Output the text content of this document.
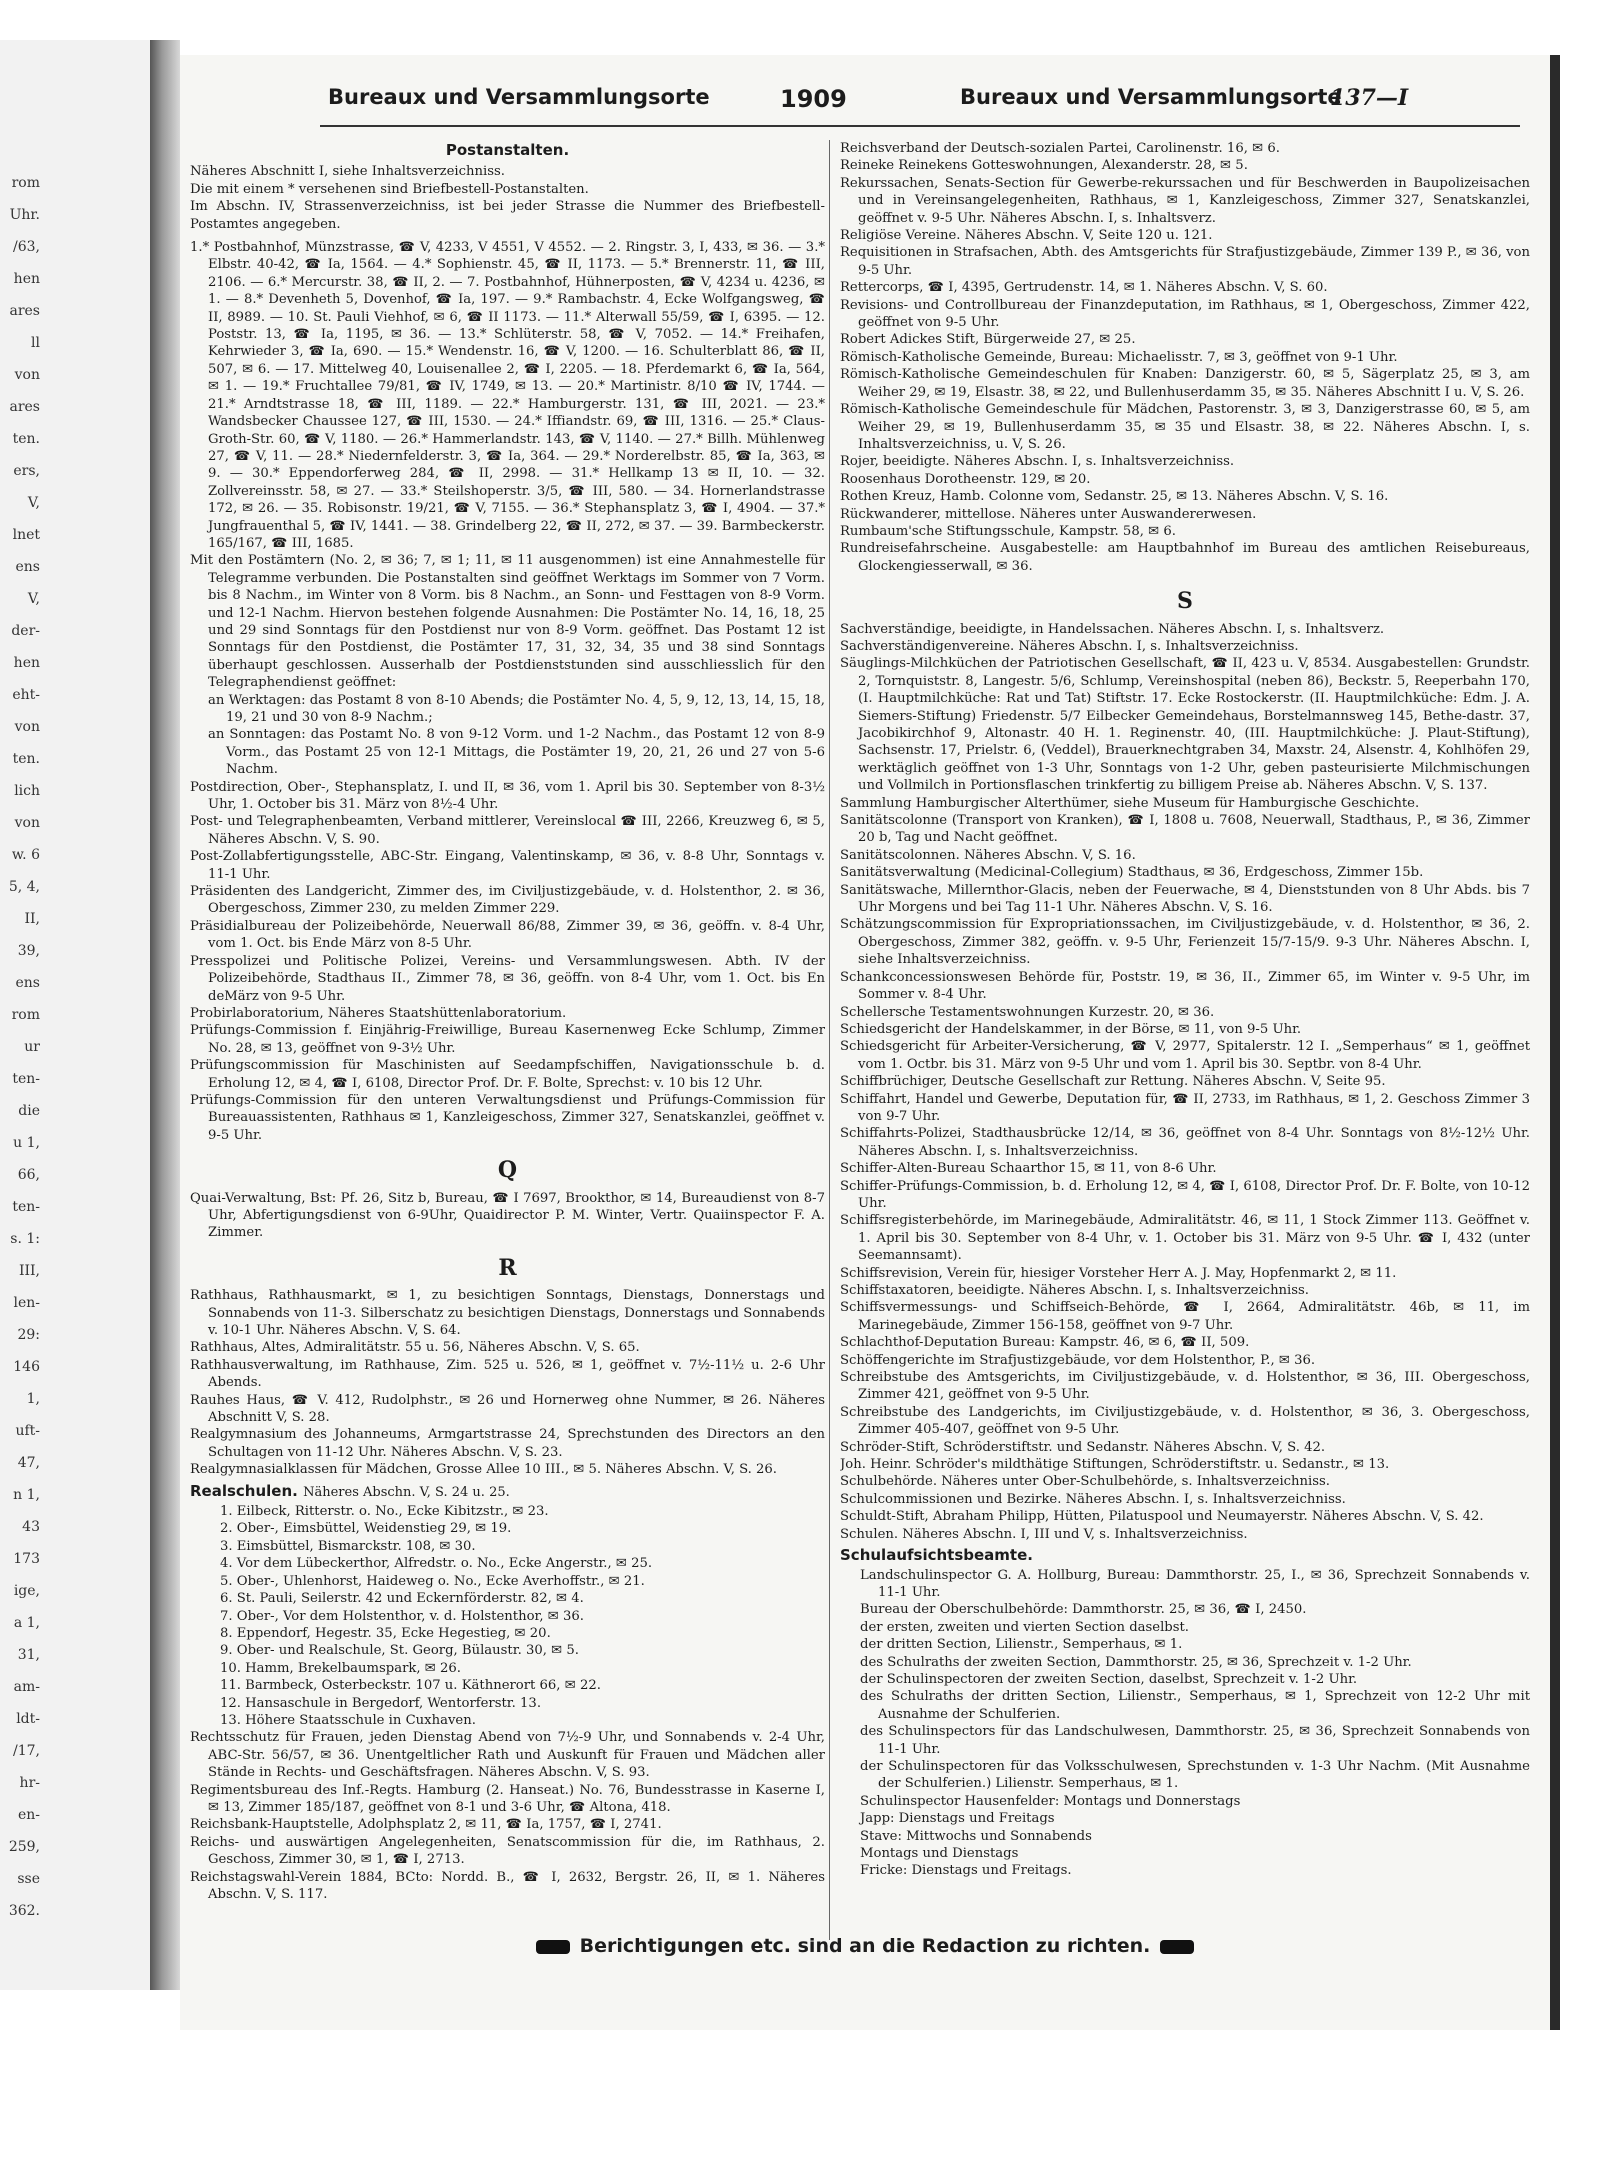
rom
Uhr.
/63,
hen
ares
ll
von
ares
ten.
ers,
V,
lnet
ens
V,
der-
hen
eht-
von
ten.
lich
von
w. 6
5, 4,
II,
39,
ens
rom
ur
ten-
die
u 1,
66,
ten-
s. 1:
III,
len-
29:
146
1,
uft-
47,
n 1,
43
173
ige,
a 1,
31,
am-
ldt-
/17,
hr-
en-
259,
sse
362.
Bureaux und Versammlungsorte	1909	Bureaux und Versammlungsorte
137—I
Postanstalten.

Näheres Abschnitt I, siehe Inhaltsverzeichniss.

Die mit einem * versehenen sind Briefbestell-Postanstalten.

Im Abschn. IV, Strassenverzeichniss, ist bei jeder Strasse die Nummer des Briefbestell-Postamtes angegeben.

1.* Postbahnhof, Münzstrasse, ☎ V, 4233, V 4551, V 4552. — 2. Ringstr. 3, I, 433, ✉ 36. — 3.* Elbstr. 40-42, ☎ Ia, 1564. — 4.* Sophienstr. 45, ☎ II, 1173. — 5.* Brennerstr. 11, ☎ III, 2106. — 6.* Mercurstr. 38, ☎ II, 2. — 7. Postbahnhof, Hühnerposten, ☎ V, 4234 u. 4236, ✉ 1. — 8.* Devenheth 5, Dovenhof, ☎ Ia, 197. — 9.* Rambachstr. 4, Ecke Wolfgangsweg, ☎ II, 8989. — 10. St. Pauli Viehhof, ✉ 6, ☎ II 1173. — 11.* Alterwall 55/59, ☎ I, 6395. — 12. Poststr. 13, ☎ Ia, 1195, ✉ 36. — 13.* Schlüterstr. 58, ☎ V, 7052. — 14.* Freihafen, Kehrwieder 3, ☎ Ia, 690. — 15.* Wendenstr. 16, ☎ V, 1200. — 16. Schulterblatt 86, ☎ II, 507, ✉ 6. — 17. Mittelweg 40, Louisenallee 2, ☎ I, 2205. — 18. Pferdemarkt 6, ☎ Ia, 564, ✉ 1. — 19.* Fruchtallee 79/81, ☎ IV, 1749, ✉ 13. — 20.* Martinistr. 8/10 ☎ IV, 1744. — 21.* Arndtstrasse 18, ☎ III, 1189. — 22.* Hamburgerstr. 131, ☎ III, 2021. — 23.* Wandsbecker Chaussee 127, ☎ III, 1530. — 24.* Iffiandstr. 69, ☎ III, 1316. — 25.* Claus-Groth-Str. 60, ☎ V, 1180. — 26.* Hammerlandstr. 143, ☎ V, 1140. — 27.* Billh. Mühlenweg 27, ☎ V, 11. — 28.* Niedernfelderstr. 3, ☎ Ia, 364. — 29.* Norderelbstr. 85, ☎ Ia, 363, ✉ 9. — 30.* Eppendorferweg 284, ☎ II, 2998. — 31.* Hellkamp 13 ✉ II, 10. — 32. Zollvereinsstr. 58, ✉ 27. — 33.* Steilshoperstr. 3/5, ☎ III, 580. — 34. Hornerlandstrasse 172, ✉ 26. — 35. Robisonstr. 19/21, ☎ V, 7155. — 36.* Stephansplatz 3, ☎ I, 4904. — 37.* Jungfrauenthal 5, ☎ IV, 1441. — 38. Grindelberg 22, ☎ II, 272, ✉ 37. — 39. Barmbeckerstr. 165/167, ☎ III, 1685.

Mit den Postämtern (No. 2, ✉ 36; 7, ✉ 1; 11, ✉ 11 ausgenommen) ist eine Annahmestelle für Telegramme verbunden. Die Postanstalten sind geöffnet Werktags im Sommer von 7 Vorm. bis 8 Nachm., im Winter von 8 Vorm. bis 8 Nachm., an Sonn- und Festtagen von 8-9 Vorm. und 12-1 Nachm. Hiervon bestehen folgende Ausnahmen: Die Postämter No. 14, 16, 18, 25 und 29 sind Sonntags für den Postdienst nur von 8-9 Vorm. geöffnet. Das Postamt 12 ist Sonntags für den Postdienst, die Postämter 17, 31, 32, 34, 35 und 38 sind Sonntags überhaupt geschlossen. Ausserhalb der Postdienststunden sind ausschliesslich für den Telegraphendienst geöffnet:

an Werktagen: das Postamt 8 von 8-10 Abends; die Postämter No. 4, 5, 9, 12, 13, 14, 15, 18, 19, 21 und 30 von 8-9 Nachm.;

an Sonntagen: das Postamt No. 8 von 9-12 Vorm. und 1-2 Nachm., das Postamt 12 von 8-9 Vorm., das Postamt 25 von 12-1 Mittags, die Postämter 19, 20, 21, 26 und 27 von 5-6 Nachm.

Postdirection, Ober-, Stephansplatz, I. und II, ✉ 36, vom 1. April bis 30. September von 8-3½ Uhr, 1. October bis 31. März von 8½-4 Uhr.

Post- und Telegraphenbeamten, Verband mittlerer, Vereinslocal ☎ III, 2266, Kreuzweg 6, ✉ 5, Näheres Abschn. V, S. 90.

Post-Zollabfertigungsstelle, ABC-Str. Eingang, Valentinskamp, ✉ 36, v. 8-8 Uhr, Sonntags v. 11-1 Uhr.

Präsidenten des Landgericht, Zimmer des, im Civiljustizgebäude, v. d. Holstenthor, 2. ✉ 36, Obergeschoss, Zimmer 230, zu melden Zimmer 229.

Präsidialbureau der Polizeibehörde, Neuerwall 86/88, Zimmer 39, ✉ 36, geöffn. v. 8-4 Uhr, vom 1. Oct. bis Ende März von 8-5 Uhr.

Presspolizei und Politische Polizei, Vereins- und Versammlungswesen. Abth. IV der Polizeibehörde, Stadthaus II., Zimmer 78, ✉ 36, geöffn. von 8-4 Uhr, vom 1. Oct. bis En deMärz von 9-5 Uhr.

Probirlaboratorium, Näheres Staatshüttenlaboratorium.

Prüfungs-Commission f. Einjährig-Freiwillige, Bureau Kasernenweg Ecke Schlump, Zimmer No. 28, ✉ 13, geöffnet von 9-3½ Uhr.

Prüfungscommission für Maschinisten auf Seedampfschiffen, Navigationsschule b. d. Erholung 12, ✉ 4, ☎ I, 6108, Director Prof. Dr. F. Bolte, Sprechst: v. 10 bis 12 Uhr.

Prüfungs-Commission für den unteren Verwaltungsdienst und Prüfungs-Commission für Bureauassistenten, Rathhaus ✉ 1, Kanzleigeschoss, Zimmer 327, Senatskanzlei, geöffnet v. 9-5 Uhr.

Q

Quai-Verwaltung, Bst: Pf. 26, Sitz b, Bureau, ☎ I 7697, Brookthor, ✉ 14, Bureaudienst von 8-7 Uhr, Abfertigungsdienst von 6-9Uhr, Quaidirector P. M. Winter, Vertr. Quaiinspector F. A. Zimmer.

R

Rathhaus, Rathhausmarkt, ✉ 1, zu besichtigen Sonntags, Dienstags, Donnerstags und Sonnabends von 11-3. Silberschatz zu besichtigen Dienstags, Donnerstags und Sonnabends v. 10-1 Uhr. Näheres Abschn. V, S. 64.

Rathhaus, Altes, Admiralitätstr. 55 u. 56, Näheres Abschn. V, S. 65.

Rathhausverwaltung, im Rathhause, Zim. 525 u. 526, ✉ 1, geöffnet v. 7½-11½ u. 2-6 Uhr Abends.

Rauhes Haus, ☎ V. 412, Rudolphstr., ✉ 26 und Hornerweg ohne Nummer, ✉ 26. Näheres Abschnitt V, S. 28.

Realgymnasium des Johanneums, Armgartstrasse 24, Sprechstunden des Directors an den Schultagen von 11-12 Uhr. Näheres Abschn. V, S. 23.

Realgymnasialklassen für Mädchen, Grosse Allee 10 III., ✉ 5. Näheres Abschn. V, S. 26.

Realschulen. Näheres Abschn. V, S. 24 u. 25.
1. Eilbeck, Ritterstr. o. No., Ecke Kibitzstr., ✉ 23.
2. Ober-, Eimsbüttel, Weidenstieg 29, ✉ 19.
3. Eimsbüttel, Bismarckstr. 108, ✉ 30.
4. Vor dem Lübeckerthor, Alfredstr. o. No., Ecke Angerstr., ✉ 25.
5. Ober-, Uhlenhorst, Haideweg o. No., Ecke Averhoffstr., ✉ 21.
6. St. Pauli, Seilerstr. 42 und Eckernförderstr. 82, ✉ 4.
7. Ober-, Vor dem Holstenthor, v. d. Holstenthor, ✉ 36.
8. Eppendorf, Hegestr. 35, Ecke Hegestieg, ✉ 20.
9. Ober- und Realschule, St. Georg, Bülaustr. 30, ✉ 5.
10. Hamm, Brekelbaumspark, ✉ 26.
11. Barmbeck, Osterbeckstr. 107 u. Käthnerort 66, ✉ 22.
12. Hansaschule in Bergedorf, Wentorferstr. 13.
13. Höhere Staatsschule in Cuxhaven.

Rechtsschutz für Frauen, jeden Dienstag Abend von 7½-9 Uhr, und Sonnabends v. 2-4 Uhr, ABC-Str. 56/57, ✉ 36. Unentgeltlicher Rath und Auskunft für Frauen und Mädchen aller Stände in Rechts- und Geschäftsfragen. Näheres Abschn. V, S. 93.

Regimentsbureau des Inf.-Regts. Hamburg (2. Hanseat.) No. 76, Bundesstrasse in Kaserne I, ✉ 13, Zimmer 185/187, geöffnet von 8-1 und 3-6 Uhr, ☎ Altona, 418.

Reichsbank-Hauptstelle, Adolphsplatz 2, ✉ 11, ☎ Ia, 1757, ☎ I, 2741.

Reichs- und auswärtigen Angelegenheiten, Senatscommission für die, im Rathhaus, 2. Geschoss, Zimmer 30, ✉ 1, ☎ I, 2713.

Reichstagswahl-Verein 1884, BCto: Nordd. B., ☎ I, 2632, Bergstr. 26, II, ✉ 1. Näheres Abschn. V, S. 117.

Reichsverband der Deutsch-sozialen Partei, Carolinenstr. 16, ✉ 6.

Reineke Reinekens Gotteswohnungen, Alexanderstr. 28, ✉ 5.

Rekurssachen, Senats-Section für Gewerbe-rekurssachen und für Beschwerden in Baupolizeisachen und in Vereinsangelegenheiten, Rathhaus, ✉ 1, Kanzleigeschoss, Zimmer 327, Senatskanzlei, geöffnet v. 9-5 Uhr. Näheres Abschn. I, s. Inhaltsverz.

Religiöse Vereine. Näheres Abschn. V, Seite 120 u. 121.

Requisitionen in Strafsachen, Abth. des Amtsgerichts für Strafjustizgebäude, Zimmer 139 P., ✉ 36, von 9-5 Uhr.

Rettercorps, ☎ I, 4395, Gertrudenstr. 14, ✉ 1. Näheres Abschn. V, S. 60.

Revisions- und Controllbureau der Finanzdeputation, im Rathhaus, ✉ 1, Obergeschoss, Zimmer 422, geöffnet von 9-5 Uhr.

Robert Adickes Stift, Bürgerweide 27, ✉ 25.

Römisch-Katholische Gemeinde, Bureau: Michaelisstr. 7, ✉ 3, geöffnet von 9-1 Uhr.

Römisch-Katholische Gemeindeschulen für Knaben: Danzigerstr. 60, ✉ 5, Sägerplatz 25, ✉ 3, am Weiher 29, ✉ 19, Elsastr. 38, ✉ 22, und Bullenhuserdamm 35, ✉ 35. Näheres Abschnitt I u. V, S. 26.

Römisch-Katholische Gemeindeschule für Mädchen, Pastorenstr. 3, ✉ 3, Danzigerstrasse 60, ✉ 5, am Weiher 29, ✉ 19, Bullenhuserdamm 35, ✉ 35 und Elsastr. 38, ✉ 22. Näheres Abschn. I, s. Inhaltsverzeichniss, u. V, S. 26.

Rojer, beeidigte. Näheres Abschn. I, s. Inhaltsverzeichniss.

Roosenhaus Dorotheenstr. 129, ✉ 20.

Rothen Kreuz, Hamb. Colonne vom, Sedanstr. 25, ✉ 13. Näheres Abschn. V, S. 16.

Rückwanderer, mittellose. Näheres unter Auswandererwesen.

Rumbaum'sche Stiftungsschule, Kampstr. 58, ✉ 6.

Rundreisefahrscheine. Ausgabestelle: am Hauptbahnhof im Bureau des amtlichen Reisebureaus, Glockengiesserwall, ✉ 36.

S

Sachverständige, beeidigte, in Handelssachen. Näheres Abschn. I, s. Inhaltsverz.

Sachverständigenvereine. Näheres Abschn. I, s. Inhaltsverzeichniss.

Säuglings-Milchküchen der Patriotischen Gesellschaft, ☎ II, 423 u. V, 8534. Ausgabestellen: Grundstr. 2, Tornquiststr. 8, Langestr. 5/6, Schlump, Vereinshospital (neben 86), Beckstr. 5, Reeperbahn 170, (I. Hauptmilchküche: Rat und Tat) Stiftstr. 17. Ecke Rostockerstr. (II. Hauptmilchküche: Edm. J. A. Siemers-Stiftung) Friedenstr. 5/7 Eilbecker Gemeindehaus, Borstelmannsweg 145, Bethe-dastr. 37, Jacobikirchhof 9, Altonastr. 40 H. 1. Reginenstr. 40, (III. Hauptmilchküche: J. Plaut-Stiftung), Sachsenstr. 17, Prielstr. 6, (Veddel), Brauerknechtgraben 34, Maxstr. 24, Alsenstr. 4, Kohlhöfen 29, werktäglich geöffnet von 1-3 Uhr, Sonntags von 1-2 Uhr, geben pasteurisierte Milchmischungen und Vollmilch in Portionsflaschen trinkfertig zu billigem Preise ab. Näheres Abschn. V, S. 137.

Sammlung Hamburgischer Alterthümer, siehe Museum für Hamburgische Geschichte.

Sanitätscolonne (Transport von Kranken), ☎ I, 1808 u. 7608, Neuerwall, Stadthaus, P., ✉ 36, Zimmer 20 b, Tag und Nacht geöffnet.

Sanitätscolonnen. Näheres Abschn. V, S. 16.

Sanitätsverwaltung (Medicinal-Collegium) Stadthaus, ✉ 36, Erdgeschoss, Zimmer 15b.

Sanitätswache, Millernthor-Glacis, neben der Feuerwache, ✉ 4, Dienststunden von 8 Uhr Abds. bis 7 Uhr Morgens und bei Tag 11-1 Uhr. Näheres Abschn. V, S. 16.

Schätzungscommission für Expropriationssachen, im Civiljustizgebäude, v. d. Holstenthor, ✉ 36, 2. Obergeschoss, Zimmer 382, geöffn. v. 9-5 Uhr, Ferienzeit 15/7-15/9. 9-3 Uhr. Näheres Abschn. I, siehe Inhaltsverzeichniss.

Schankconcessionswesen Behörde für, Poststr. 19, ✉ 36, II., Zimmer 65, im Winter v. 9-5 Uhr, im Sommer v. 8-4 Uhr.

Schellersche Testamentswohnungen Kurzestr. 20, ✉ 36.

Schiedsgericht der Handelskammer, in der Börse, ✉ 11, von 9-5 Uhr.

Schiedsgericht für Arbeiter-Versicherung, ☎ V, 2977, Spitalerstr. 12 I. „Semperhaus“ ✉ 1, geöffnet vom 1. Octbr. bis 31. März von 9-5 Uhr und vom 1. April bis 30. Septbr. von 8-4 Uhr.

Schiffbrüchiger, Deutsche Gesellschaft zur Rettung. Näheres Abschn. V, Seite 95.

Schiffahrt, Handel und Gewerbe, Deputation für, ☎ II, 2733, im Rathhaus, ✉ 1, 2. Geschoss Zimmer 3 von 9-7 Uhr.

Schiffahrts-Polizei, Stadthausbrücke 12/14, ✉ 36, geöffnet von 8-4 Uhr. Sonntags von 8½-12½ Uhr. Näheres Abschn. I, s. Inhaltsverzeichniss.

Schiffer-Alten-Bureau Schaarthor 15, ✉ 11, von 8-6 Uhr.

Schiffer-Prüfungs-Commission, b. d. Erholung 12, ✉ 4, ☎ I, 6108, Director Prof. Dr. F. Bolte, von 10-12 Uhr.

Schiffsregisterbehörde, im Marinegebäude, Admiralitätstr. 46, ✉ 11, 1 Stock Zimmer 113. Geöffnet v. 1. April bis 30. September von 8-4 Uhr, v. 1. October bis 31. März von 9-5 Uhr. ☎ I, 432 (unter Seemannsamt).

Schiffsrevision, Verein für, hiesiger Vorsteher Herr A. J. May, Hopfenmarkt 2, ✉ 11.

Schiffstaxatoren, beeidigte. Näheres Abschn. I, s. Inhaltsverzeichniss.

Schiffsvermessungs- und Schiffseich-Behörde, ☎ I, 2664, Admiralitätstr. 46b, ✉ 11, im Marinegebäude, Zimmer 156-158, geöffnet von 9-7 Uhr.

Schlachthof-Deputation Bureau: Kampstr. 46, ✉ 6, ☎ II, 509.

Schöffengerichte im Strafjustizgebäude, vor dem Holstenthor, P., ✉ 36.

Schreibstube des Amtsgerichts, im Civiljustizgebäude, v. d. Holstenthor, ✉ 36, III. Obergeschoss, Zimmer 421, geöffnet von 9-5 Uhr.

Schreibstube des Landgerichts, im Civiljustizgebäude, v. d. Holstenthor, ✉ 36, 3. Obergeschoss, Zimmer 405-407, geöffnet von 9-5 Uhr.

Schröder-Stift, Schröderstiftstr. und Sedanstr. Näheres Abschn. V, S. 42.

Joh. Heinr. Schröder's mildthätige Stiftungen, Schröderstiftstr. u. Sedanstr., ✉ 13.

Schulbehörde. Näheres unter Ober-Schulbehörde, s. Inhaltsverzeichniss.

Schulcommissionen und Bezirke. Näheres Abschn. I, s. Inhaltsverzeichniss.

Schuldt-Stift, Abraham Philipp, Hütten, Pilatuspool und Neumayerstr. Näheres Abschn. V, S. 42.

Schulen. Näheres Abschn. I, III und V, s. Inhaltsverzeichniss.

Schulaufsichtsbeamte.

Landschulinspector G. A. Hollburg, Bureau: Dammthorstr. 25, I., ✉ 36, Sprechzeit Sonnabends v. 11-1 Uhr.

Bureau der Oberschulbehörde: Dammthorstr. 25, ✉ 36, ☎ I, 2450.

der ersten, zweiten und vierten Section daselbst.

der dritten Section, Lilienstr., Semperhaus, ✉ 1.

des Schulraths der zweiten Section, Dammthorstr. 25, ✉ 36, Sprechzeit v. 1-2 Uhr.

der Schulinspectoren der zweiten Section, daselbst, Sprechzeit v. 1-2 Uhr.

des Schulraths der dritten Section, Lilienstr., Semperhaus, ✉ 1, Sprechzeit von 12-2 Uhr mit Ausnahme der Schulferien.

des Schulinspectors für das Landschulwesen, Dammthorstr. 25, ✉ 36, Sprechzeit Sonnabends von 11-1 Uhr.

der Schulinspectoren für das Volksschulwesen, Sprechstunden v. 1-3 Uhr Nachm. (Mit Ausnahme der Schulferien.) Lilienstr. Semperhaus, ✉ 1.

Schulinspector Hausenfelder: Montags und Donnerstags

Japp: Dienstags und Freitags

Stave: Mittwochs und Sonnabends

Montags und Dienstags

Fricke: Dienstags und Freitags.

Berichtigungen etc. sind an die Redaction zu richten.
